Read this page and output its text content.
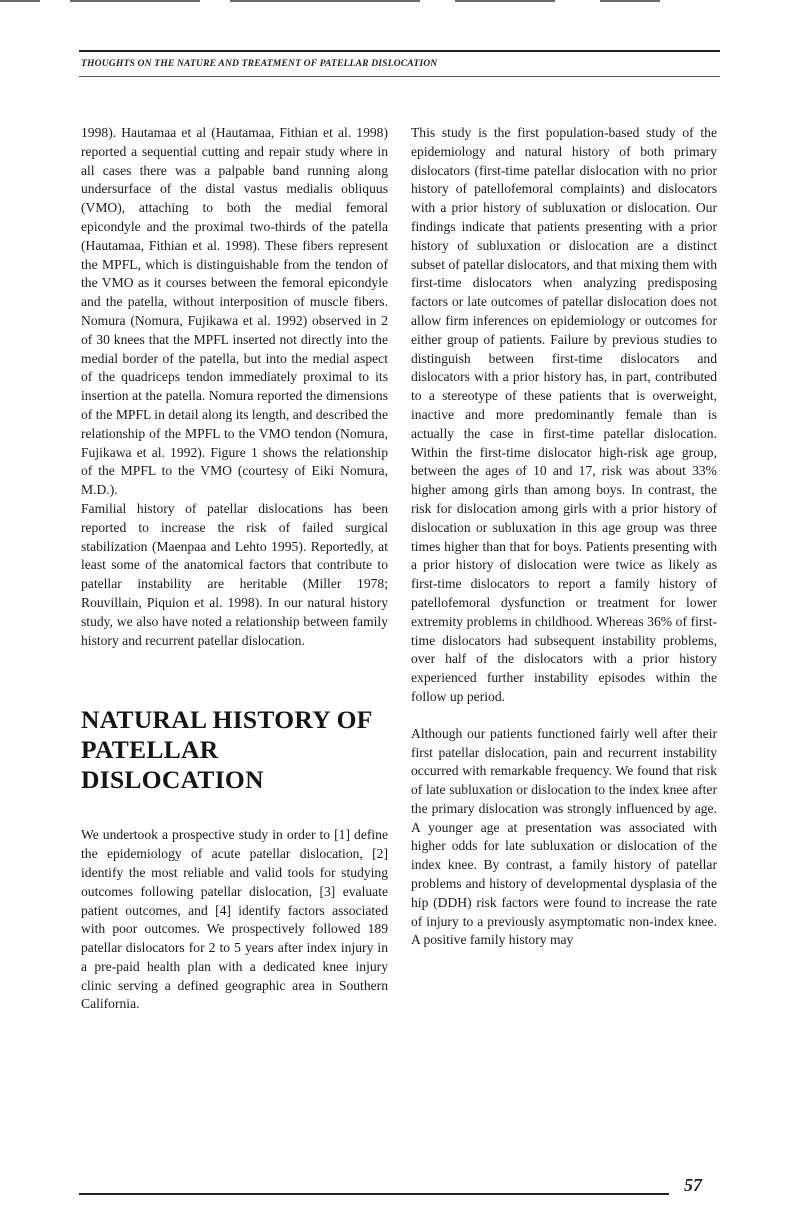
THOUGHTS ON THE NATURE AND TREATMENT OF PATELLAR DISLOCATION

1998). Hautamaa et al (Hautamaa, Fithian et al. 1998) reported a sequential cutting and repair study where in all cases there was a palpable band running along undersurface of the distal vastus medialis obliquus (VMO), attaching to both the medial femoral epicondyle and the proximal two-thirds of the patella (Hautamaa, Fithian et al. 1998). These fibers represent the MPFL, which is distinguishable from the tendon of the VMO as it courses between the femoral epicondyle and the patella, without interposition of muscle fibers. Nomura (Nomura, Fujikawa et al. 1992) observed in 2 of 30 knees that the MPFL inserted not directly into the medial border of the patella, but into the medial aspect of the quadriceps tendon immediately proximal to its insertion at the patella. Nomura reported the dimensions of the MPFL in detail along its length, and described the relationship of the MPFL to the VMO tendon (Nomura, Fujikawa et al. 1992). Figure 1 shows the relationship of the MPFL to the VMO (courtesy of Eiki Nomura, M.D.).

Familial history of patellar dislocations has been reported to increase the risk of failed surgical stabilization (Maenpaa and Lehto 1995). Reportedly, at least some of the anatomical factors that contribute to patellar instability are heritable (Miller 1978; Rouvillain, Piquion et al. 1998). In our natural history study, we also have noted a relationship between family history and recurrent patellar dislocation.

NATURAL HISTORY OF
PATELLAR DISLOCATION

We undertook a prospective study in order to [1] define the epidemiology of acute patellar dislocation, [2] identify the most reliable and valid tools for studying outcomes following patellar dislocation, [3] evaluate patient outcomes, and [4] identify factors associated with poor outcomes. We prospectively followed 189 patellar dislocators for 2 to 5 years after index injury in a pre-paid health plan with a dedicated knee injury clinic serving a defined geographic area in Southern California.

This study is the first population-based study of the epidemiology and natural history of both primary dislocators (first-time patellar dislocation with no prior history of patellofemoral complaints) and dislocators with a prior history of subluxation or dislocation. Our findings indicate that patients presenting with a prior history of subluxation or dislocation are a distinct subset of patellar dislocators, and that mixing them with first-time dislocators when analyzing predisposing factors or late outcomes of patellar dislocation does not allow firm inferences on epidemiology or outcomes for either group of patients. Failure by previous studies to distinguish between first-time dislocators and dislocators with a prior history has, in part, contributed to a stereotype of these patients that is overweight, inactive and more predominantly female than is actually the case in first-time patellar dislocation. Within the first-time dislocator high-risk age group, between the ages of 10 and 17, risk was about 33% higher among girls than among boys. In contrast, the risk for dislocation among girls with a prior history of dislocation or subluxation in this age group was three times higher than that for boys. Patients presenting with a prior history of dislocation were twice as likely as first-time dislocators to report a family history of patellofemoral dysfunction or treatment for lower extremity problems in childhood. Whereas 36% of first-time dislocators had subsequent instability problems, over half of the dislocators with a prior history experienced further instability episodes within the follow up period.

Although our patients functioned fairly well after their first patellar dislocation, pain and recurrent instability occurred with remarkable frequency. We found that risk of late subluxation or dislocation to the index knee after the primary dislocation was strongly influenced by age. A younger age at presentation was associated with higher odds for late subluxation or dislocation of the index knee. By contrast, a family history of patellar problems and history of developmental dysplasia of the hip (DDH) risk factors were found to increase the rate of injury to a previously asymptomatic non-index knee. A positive family history may

57
